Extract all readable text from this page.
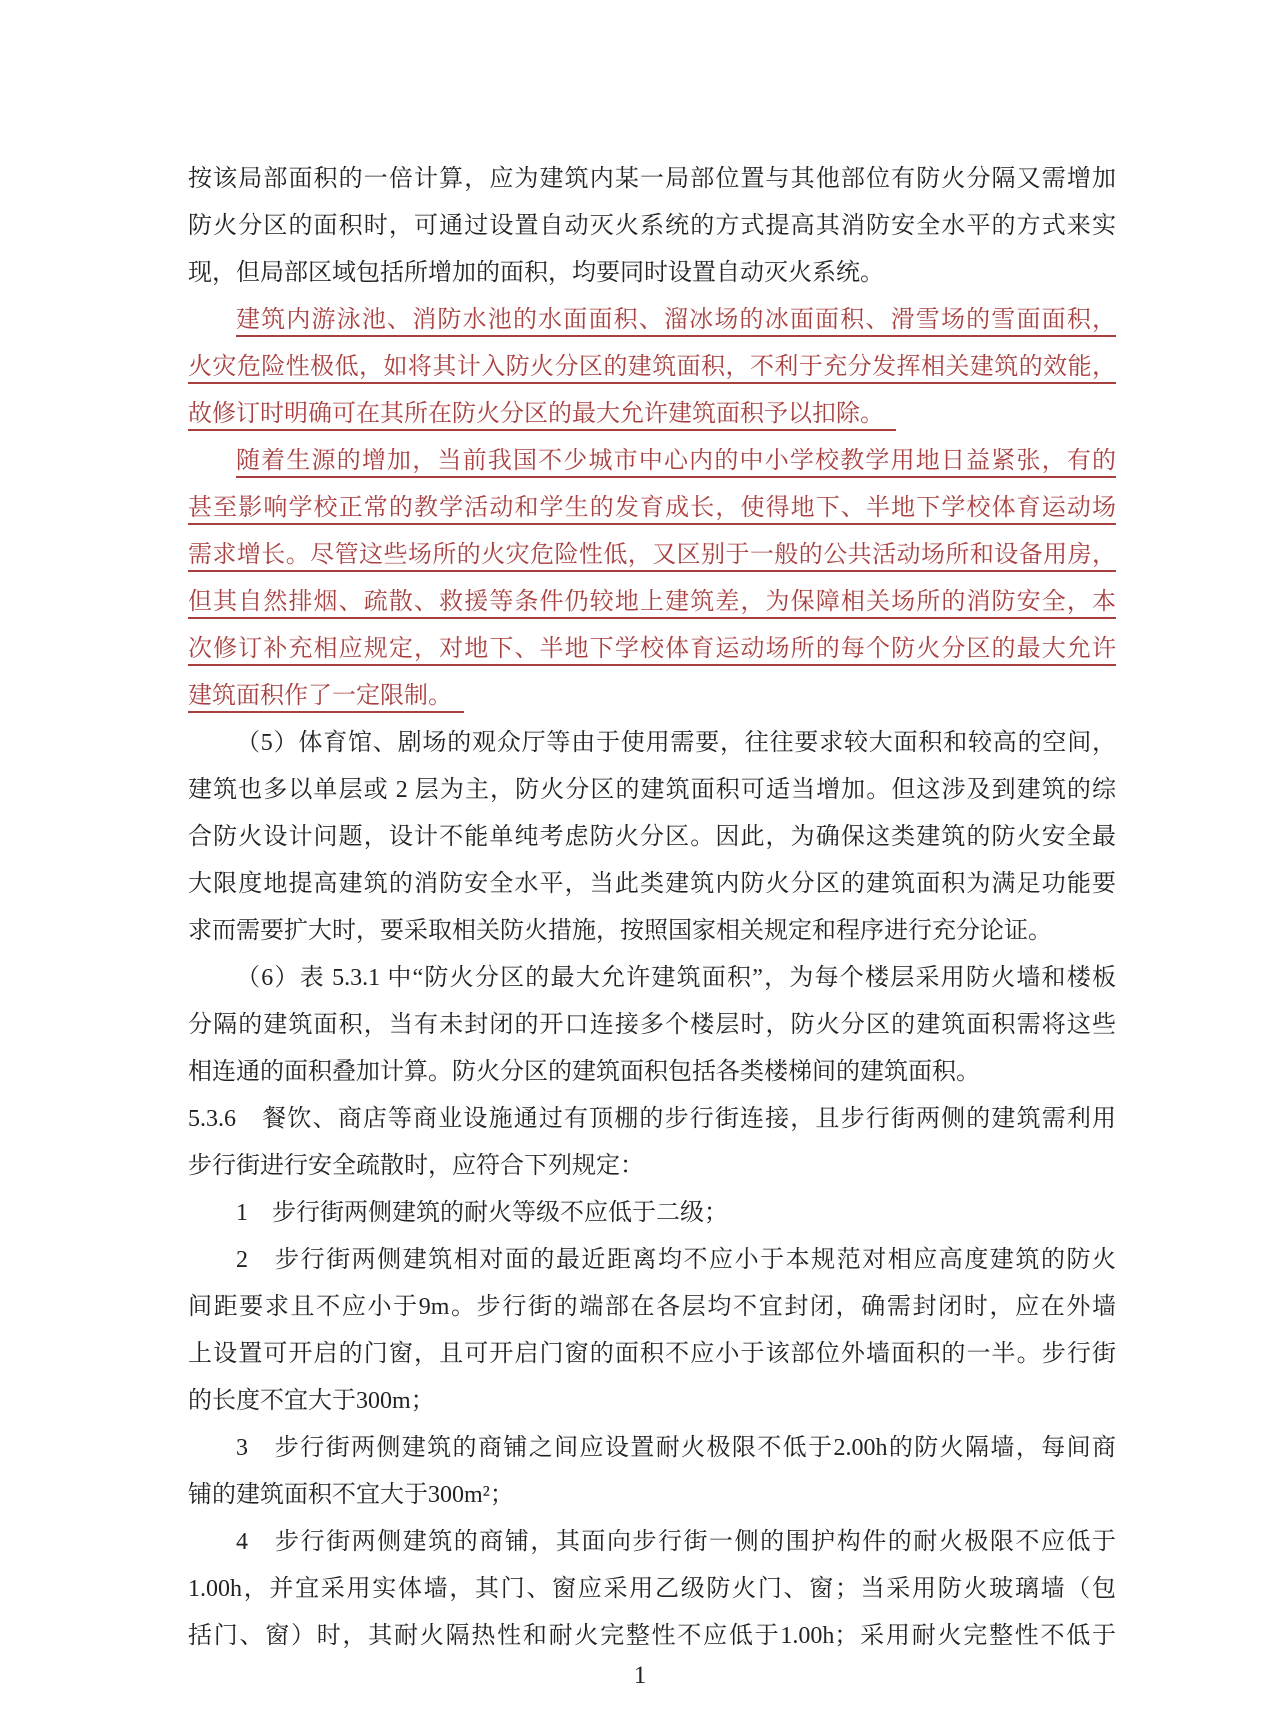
按该局部面积的一倍计算，应为建筑内某一局部位置与其他部位有防火分隔又需增加
防火分区的面积时，可通过设置自动灭火系统的方式提高其消防安全水平的方式来实
现，但局部区域包括所增加的面积，均要同时设置自动灭火系统。
建筑内游泳池、消防水池的水面面积、溜冰场的冰面面积、滑雪场的雪面面积，
火灾危险性极低，如将其计入防火分区的建筑面积，不利于充分发挥相关建筑的效能，
故修订时明确可在其所在防火分区的最大允许建筑面积予以扣除。
随着生源的增加，当前我国不少城市中心内的中小学校教学用地日益紧张，有的
甚至影响学校正常的教学活动和学生的发育成长，使得地下、半地下学校体育运动场
需求增长。尽管这些场所的火灾危险性低，又区别于一般的公共活动场所和设备用房，
但其自然排烟、疏散、救援等条件仍较地上建筑差，为保障相关场所的消防安全，本
次修订补充相应规定，对地下、半地下学校体育运动场所的每个防火分区的最大允许
建筑面积作了一定限制。
（5）体育馆、剧场的观众厅等由于使用需要，往往要求较大面积和较高的空间，
建筑也多以单层或 2 层为主，防火分区的建筑面积可适当增加。但这涉及到建筑的综
合防火设计问题，设计不能单纯考虑防火分区。因此，为确保这类建筑的防火安全最
大限度地提高建筑的消防安全水平，当此类建筑内防火分区的建筑面积为满足功能要
求而需要扩大时，要采取相关防火措施，按照国家相关规定和程序进行充分论证。
（6）表 5.3.1 中“防火分区的最大允许建筑面积”，为每个楼层采用防火墙和楼板
分隔的建筑面积，当有未封闭的开口连接多个楼层时，防火分区的建筑面积需将这些
相连通的面积叠加计算。防火分区的建筑面积包括各类楼梯间的建筑面积。
5.3.6　餐饮、商店等商业设施通过有顶棚的步行街连接，且步行街两侧的建筑需利用
步行街进行安全疏散时，应符合下列规定：
1　步行街两侧建筑的耐火等级不应低于二级；
2　步行街两侧建筑相对面的最近距离均不应小于本规范对相应高度建筑的防火
间距要求且不应小于9m。步行街的端部在各层均不宜封闭，确需封闭时，应在外墙
上设置可开启的门窗，且可开启门窗的面积不应小于该部位外墙面积的一半。步行街
的长度不宜大于300m；
3　步行街两侧建筑的商铺之间应设置耐火极限不低于2.00h的防火隔墙，每间商
铺的建筑面积不宜大于300m²；
4　步行街两侧建筑的商铺，其面向步行街一侧的围护构件的耐火极限不应低于
1.00h，并宜采用实体墙，其门、窗应采用乙级防火门、窗；当采用防火玻璃墙（包
括门、窗）时，其耐火隔热性和耐火完整性不应低于1.00h；采用耐火完整性不低于
1
